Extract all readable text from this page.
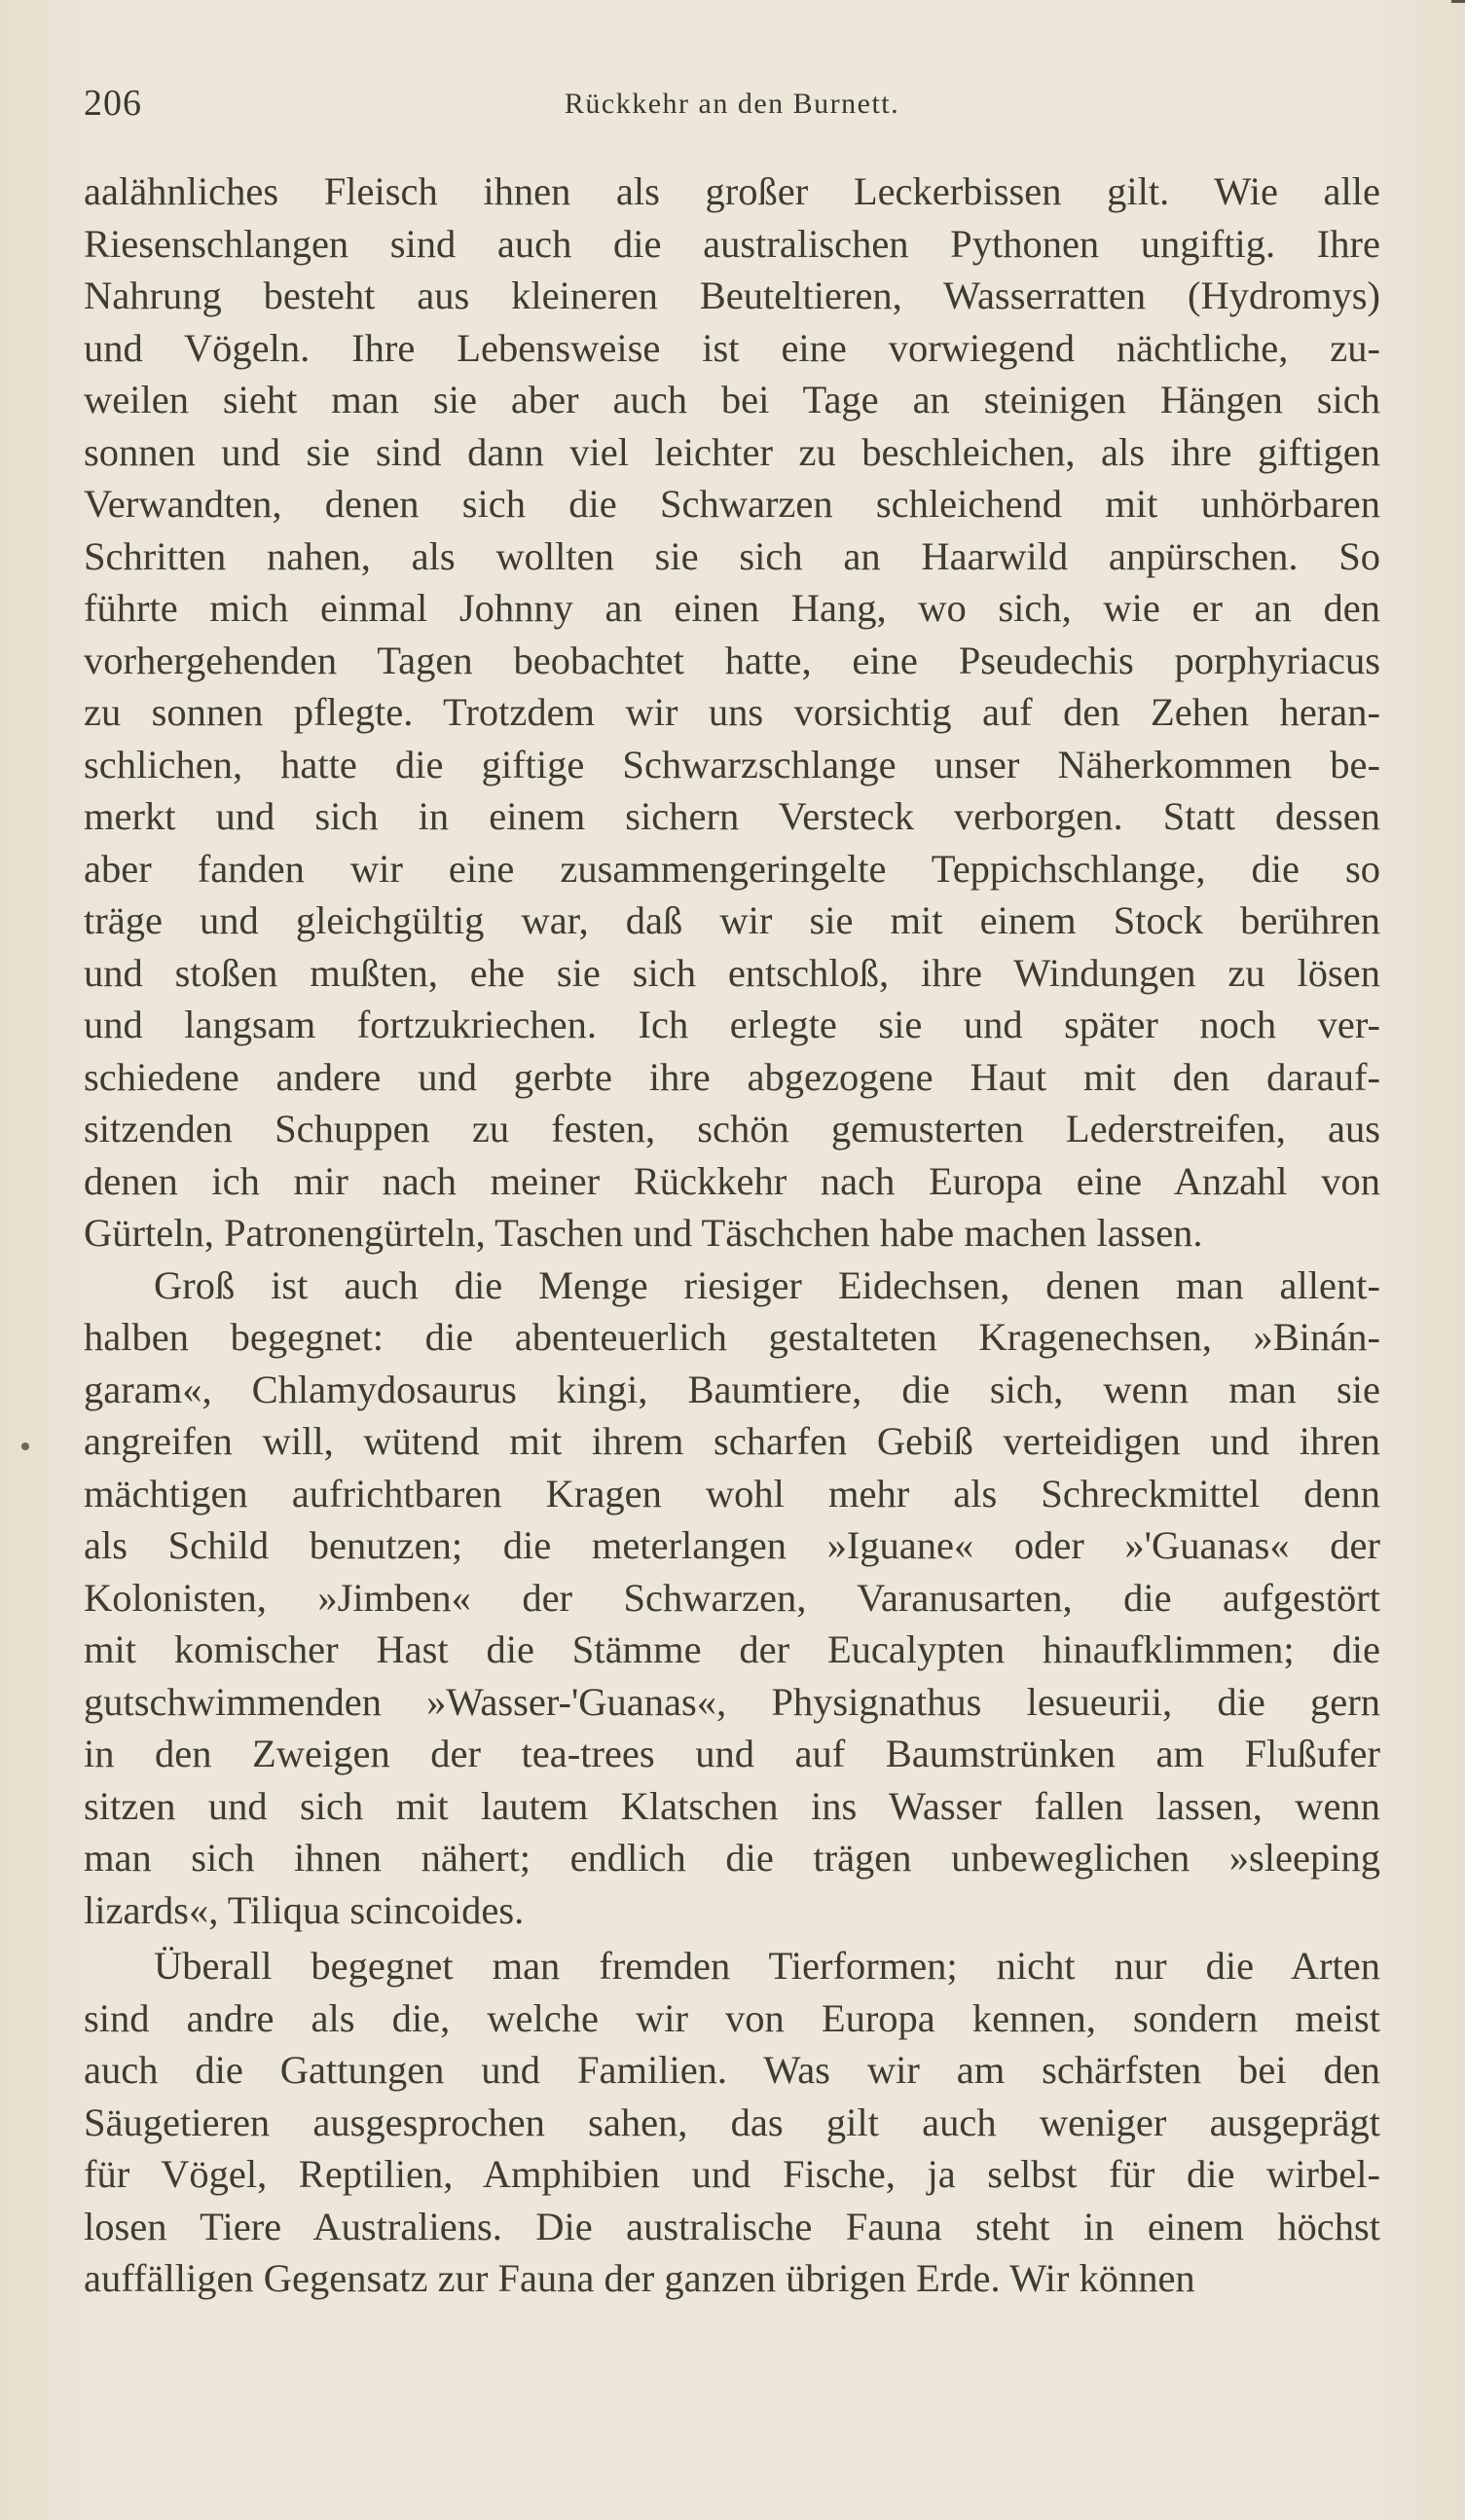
206	Rückkehr an den Burnett.
aalähnliches Fleisch ihnen als großer Leckerbissen gilt. Wie alle
Riesenschlangen sind auch die australischen Pythonen ungiftig. Ihre
Nahrung besteht aus kleineren Beuteltieren, Wasserratten (Hydromys)
und Vögeln. Ihre Lebensweise ist eine vorwiegend nächtliche, zu-
weilen sieht man sie aber auch bei Tage an steinigen Hängen sich
sonnen und sie sind dann viel leichter zu beschleichen, als ihre giftigen
Verwandten, denen sich die Schwarzen schleichend mit unhörbaren
Schritten nahen, als wollten sie sich an Haarwild anpürschen. So
führte mich einmal Johnny an einen Hang, wo sich, wie er an den
vorhergehenden Tagen beobachtet hatte, eine Pseudechis porphyriacus
zu sonnen pflegte. Trotzdem wir uns vorsichtig auf den Zehen heran-
schlichen, hatte die giftige Schwarzschlange unser Näherkommen be-
merkt und sich in einem sichern Versteck verborgen. Statt dessen
aber fanden wir eine zusammengeringelte Teppichschlange, die so
träge und gleichgültig war, daß wir sie mit einem Stock berühren
und stoßen mußten, ehe sie sich entschloß, ihre Windungen zu lösen
und langsam fortzukriechen. Ich erlegte sie und später noch ver-
schiedene andere und gerbte ihre abgezogene Haut mit den darauf-
sitzenden Schuppen zu festen, schön gemusterten Lederstreifen, aus
denen ich mir nach meiner Rückkehr nach Europa eine Anzahl von
Gürteln, Patronengürteln, Taschen und Täschchen habe machen lassen.
Groß ist auch die Menge riesiger Eidechsen, denen man allent-
halben begegnet: die abenteuerlich gestalteten Kragenechsen, »Binán-
garam«, Chlamydosaurus kingi, Baumtiere, die sich, wenn man sie
angreifen will, wütend mit ihrem scharfen Gebiß verteidigen und ihren
mächtigen aufrichtbaren Kragen wohl mehr als Schreckmittel denn
als Schild benutzen; die meterlangen »Iguane« oder »'Guanas« der
Kolonisten, »Jimben« der Schwarzen, Varanusarten, die aufgestört
mit komischer Hast die Stämme der Eucalypten hinaufklimmen; die
gutschwimmenden »Wasser-'Guanas«, Physignathus lesueurii, die gern
in den Zweigen der tea-trees und auf Baumstrünken am Flußufer
sitzen und sich mit lautem Klatschen ins Wasser fallen lassen, wenn
man sich ihnen nähert; endlich die trägen unbeweglichen »sleeping
lizards«, Tiliqua scincoides.
Überall begegnet man fremden Tierformen; nicht nur die Arten
sind andre als die, welche wir von Europa kennen, sondern meist
auch die Gattungen und Familien. Was wir am schärfsten bei den
Säugetieren ausgesprochen sahen, das gilt auch weniger ausgeprägt
für Vögel, Reptilien, Amphibien und Fische, ja selbst für die wirbel-
losen Tiere Australiens. Die australische Fauna steht in einem höchst
auffälligen Gegensatz zur Fauna der ganzen übrigen Erde. Wir können
